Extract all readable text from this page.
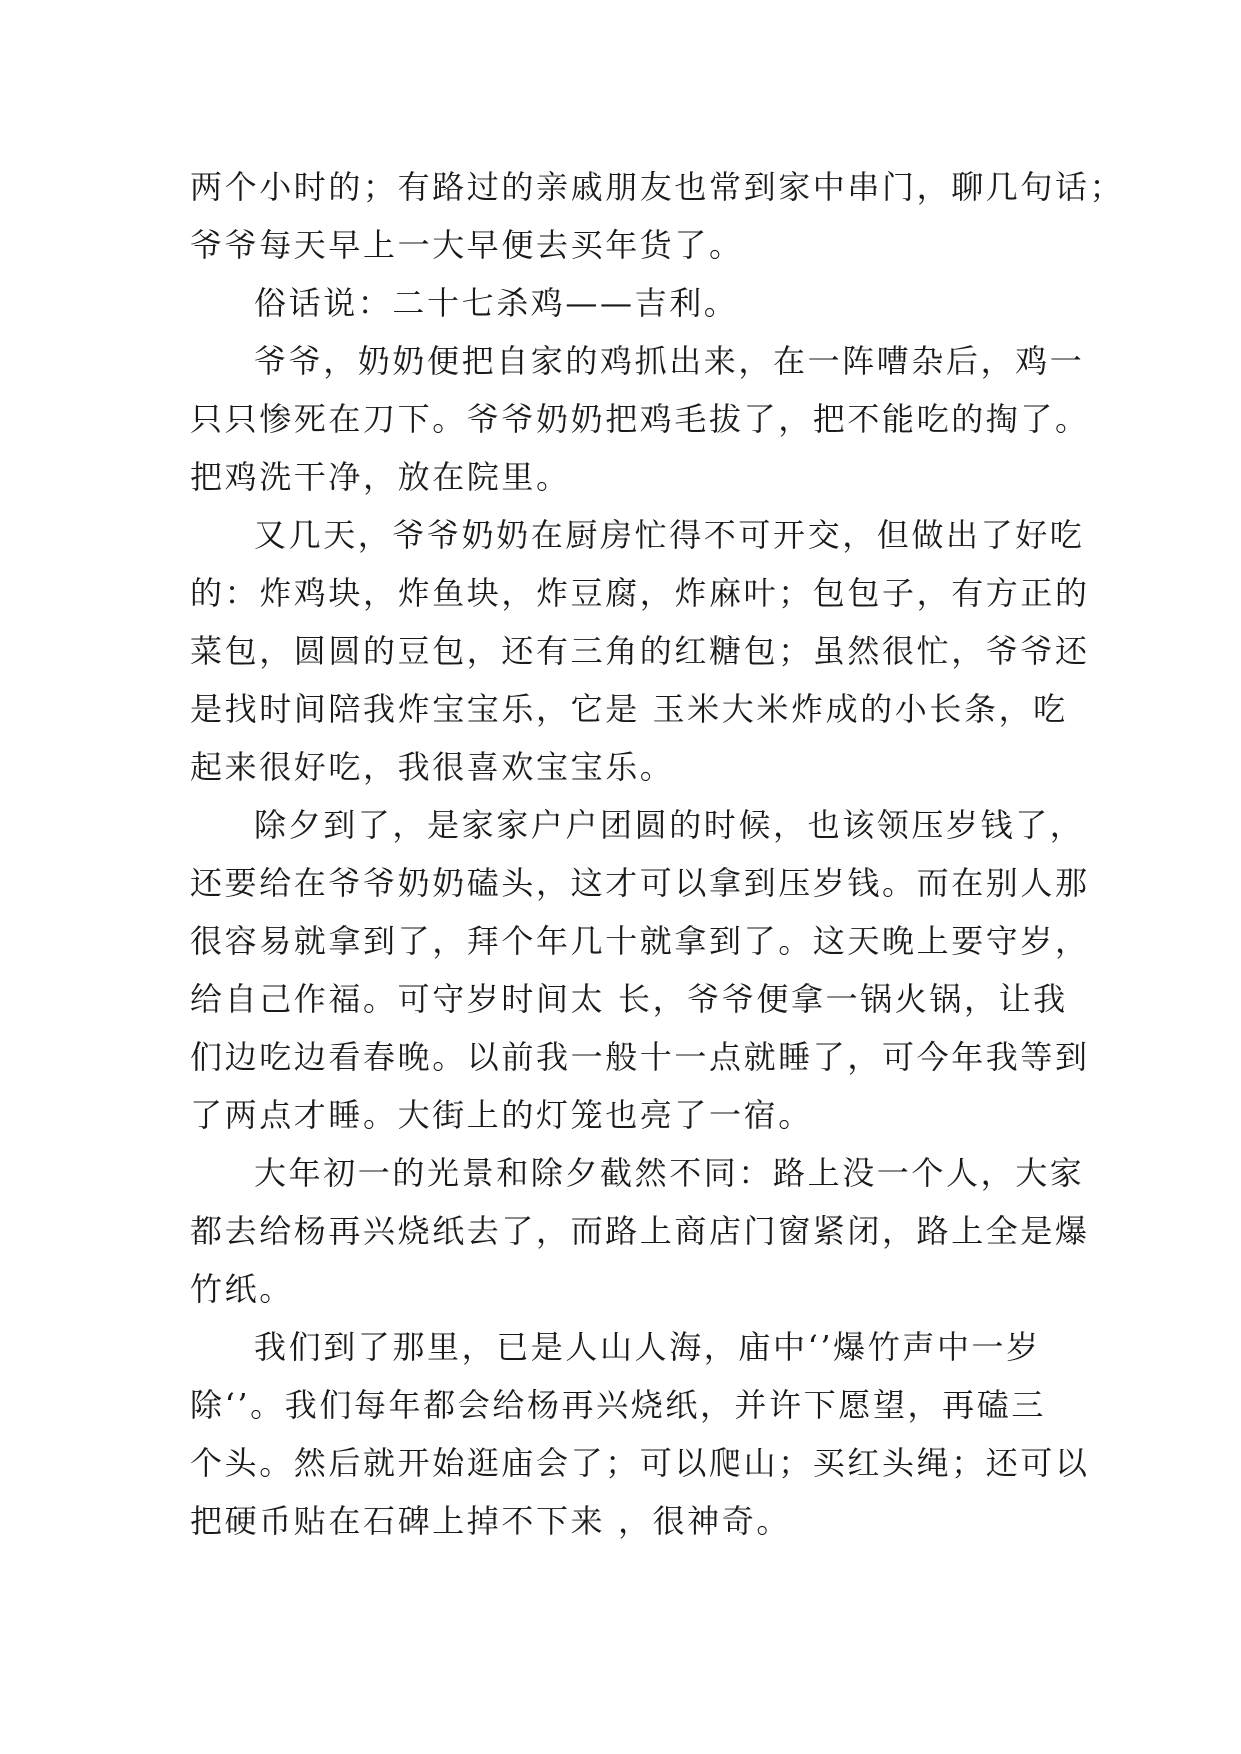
两个小时的；有路过的亲戚朋友也常到家中串门，聊几句话；
爷爷每天早上一大早便去买年货了。
俗话说：二十七杀鸡——吉利。
爷爷，奶奶便把自家的鸡抓出来，在一阵嘈杂后，鸡一
只只惨死在刀下。爷爷奶奶把鸡毛拔了，把不能吃的掏了。
把鸡洗干净，放在院里。
又几天，爷爷奶奶在厨房忙得不可开交，但做出了好吃
的：炸鸡块，炸鱼块，炸豆腐，炸麻叶；包包子，有方正的
菜包，圆圆的豆包，还有三角的红糖包；虽然很忙，爷爷还
是找时间陪我炸宝宝乐，它是 玉米大米炸成的小长条，吃
起来很好吃，我很喜欢宝宝乐。
除夕到了，是家家户户团圆的时候，也该领压岁钱了，
还要给在爷爷奶奶磕头，这才可以拿到压岁钱。而在别人那
很容易就拿到了，拜个年几十就拿到了。这天晚上要守岁，
给自己作福。可守岁时间太 长，爷爷便拿一锅火锅，让我
们边吃边看春晚。以前我一般十一点就睡了，可今年我等到
了两点才睡。大街上的灯笼也亮了一宿。
大年初一的光景和除夕截然不同：路上没一个人，大家
都去给杨再兴烧纸去了，而路上商店门窗紧闭，路上全是爆
竹纸。
我们到了那里，已是人山人海，庙中‘’爆竹声中一岁
除‘’。我们每年都会给杨再兴烧纸，并许下愿望，再磕三
个头。然后就开始逛庙会了；可以爬山；买红头绳；还可以
把硬币贴在石碑上掉不下来 ，很神奇。
